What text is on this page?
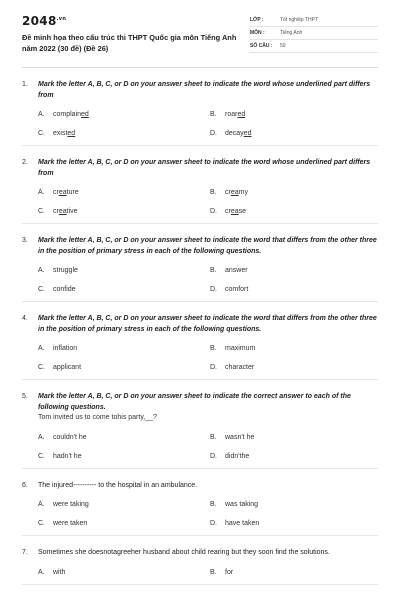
$2048^{.vn}$
Đề minh họa theo cấu trúc thi THPT Quốc gia môn Tiếng Anh năm 2022 (30 đề) (Đề 26)
LỚP :	Tốt nghiệp THPT
MÔN :	Tiếng Anh
SỐ CÂU :	50
1.	Mark the letter A, B, C, or D on your answer sheet to indicate the word whose underlined part differs from
A.	complained	B.	roared
C.	existed	D.	decayed
2.	Mark the letter A, B, C, or D on your answer sheet to indicate the word whose underlined part differs from
A.	creature	B.	creamy
C.	creative	D.	crease
3.	Mark the letter A, B, C, or D on your answer sheet to indicate the word that differs from the other three in the position of primary stress in each of the following questions.
A.	struggle	B.	answer
C.	confide	D.	comfort
4.	Mark the letter A, B, C, or D on your answer sheet to indicate the word that differs from the other three in the position of primary stress in each of the following questions.
A.	inflation	B.	maximum
C.	applicant	D.	character
5.	Mark the letter A, B, C, or D on your answer sheet to indicate the correct answer to each of the following questions.
Tom invited us to come tohis party,__?
A.	couldn't he	B.	wasn't he
C.	hadn't he	D.	didn'the
6.	The injured---------- to the hospital in an ambulance.
A.	were taking	B.	was taking
C.	were taken	D.	have taken
7.	Sometimes she doesnotagreeher husband about child rearing but they soon find the solutions.
A.	with	B.	for
